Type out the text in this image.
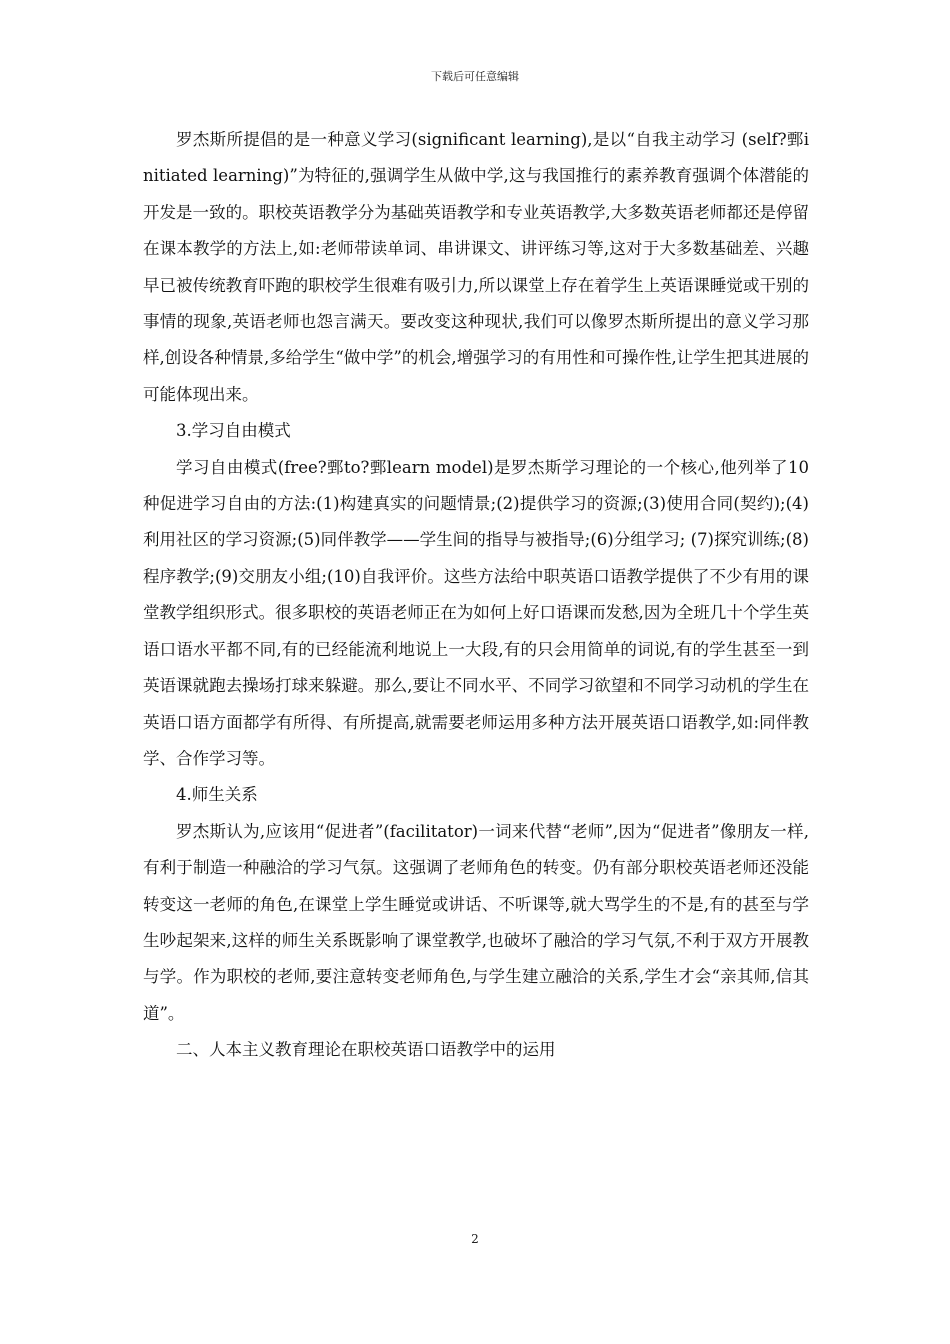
下载后可任意编辑

罗杰斯所提倡的是一种意义学习(significant learning),是以“自我主动学习 (self?鄄initiated learning)”为特征的,强调学生从做中学,这与我国推行的素养教育强调个体潜能的开发是一致的。职校英语教学分为基础英语教学和专业英语教学,大多数英语老师都还是停留在课本教学的方法上,如:老师带读单词、串讲课文、讲评练习等,这对于大多数基础差、兴趣早已被传统教育吓跑的职校学生很难有吸引力,所以课堂上存在着学生上英语课睡觉或干别的事情的现象,英语老师也怨言满天。要改变这种现状,我们可以像罗杰斯所提出的意义学习那样,创设各种情景,多给学生“做中学”的机会,增强学习的有用性和可操作性,让学生把其进展的可能体现出来。

3.学习自由模式

学习自由模式(free?鄄to?鄄learn model)是罗杰斯学习理论的一个核心,他列举了10种促进学习自由的方法:(1)构建真实的问题情景;(2)提供学习的资源;(3)使用合同(契约);(4)利用社区的学习资源;(5)同伴教学——学生间的指导与被指导;(6)分组学习; (7)探究训练;(8)程序教学;(9)交朋友小组;(10)自我评价。这些方法给中职英语口语教学提供了不少有用的课堂教学组织形式。很多职校的英语老师正在为如何上好口语课而发愁,因为全班几十个学生英语口语水平都不同,有的已经能流利地说上一大段,有的只会用简单的词说,有的学生甚至一到英语课就跑去操场打球来躲避。那么,要让不同水平、不同学习欲望和不同学习动机的学生在英语口语方面都学有所得、有所提高,就需要老师运用多种方法开展英语口语教学,如:同伴教学、合作学习等。

4.师生关系

罗杰斯认为,应该用“促进者”(facilitator)一词来代替“老师”,因为“促进者”像朋友一样,有利于制造一种融洽的学习气氛。这强调了老师角色的转变。仍有部分职校英语老师还没能转变这一老师的角色,在课堂上学生睡觉或讲话、不听课等,就大骂学生的不是,有的甚至与学生吵起架来,这样的师生关系既影响了课堂教学,也破坏了融洽的学习气氛,不利于双方开展教与学。作为职校的老师,要注意转变老师角色,与学生建立融洽的关系,学生才会“亲其师,信其道”。

二、人本主义教育理论在职校英语口语教学中的运用

2
